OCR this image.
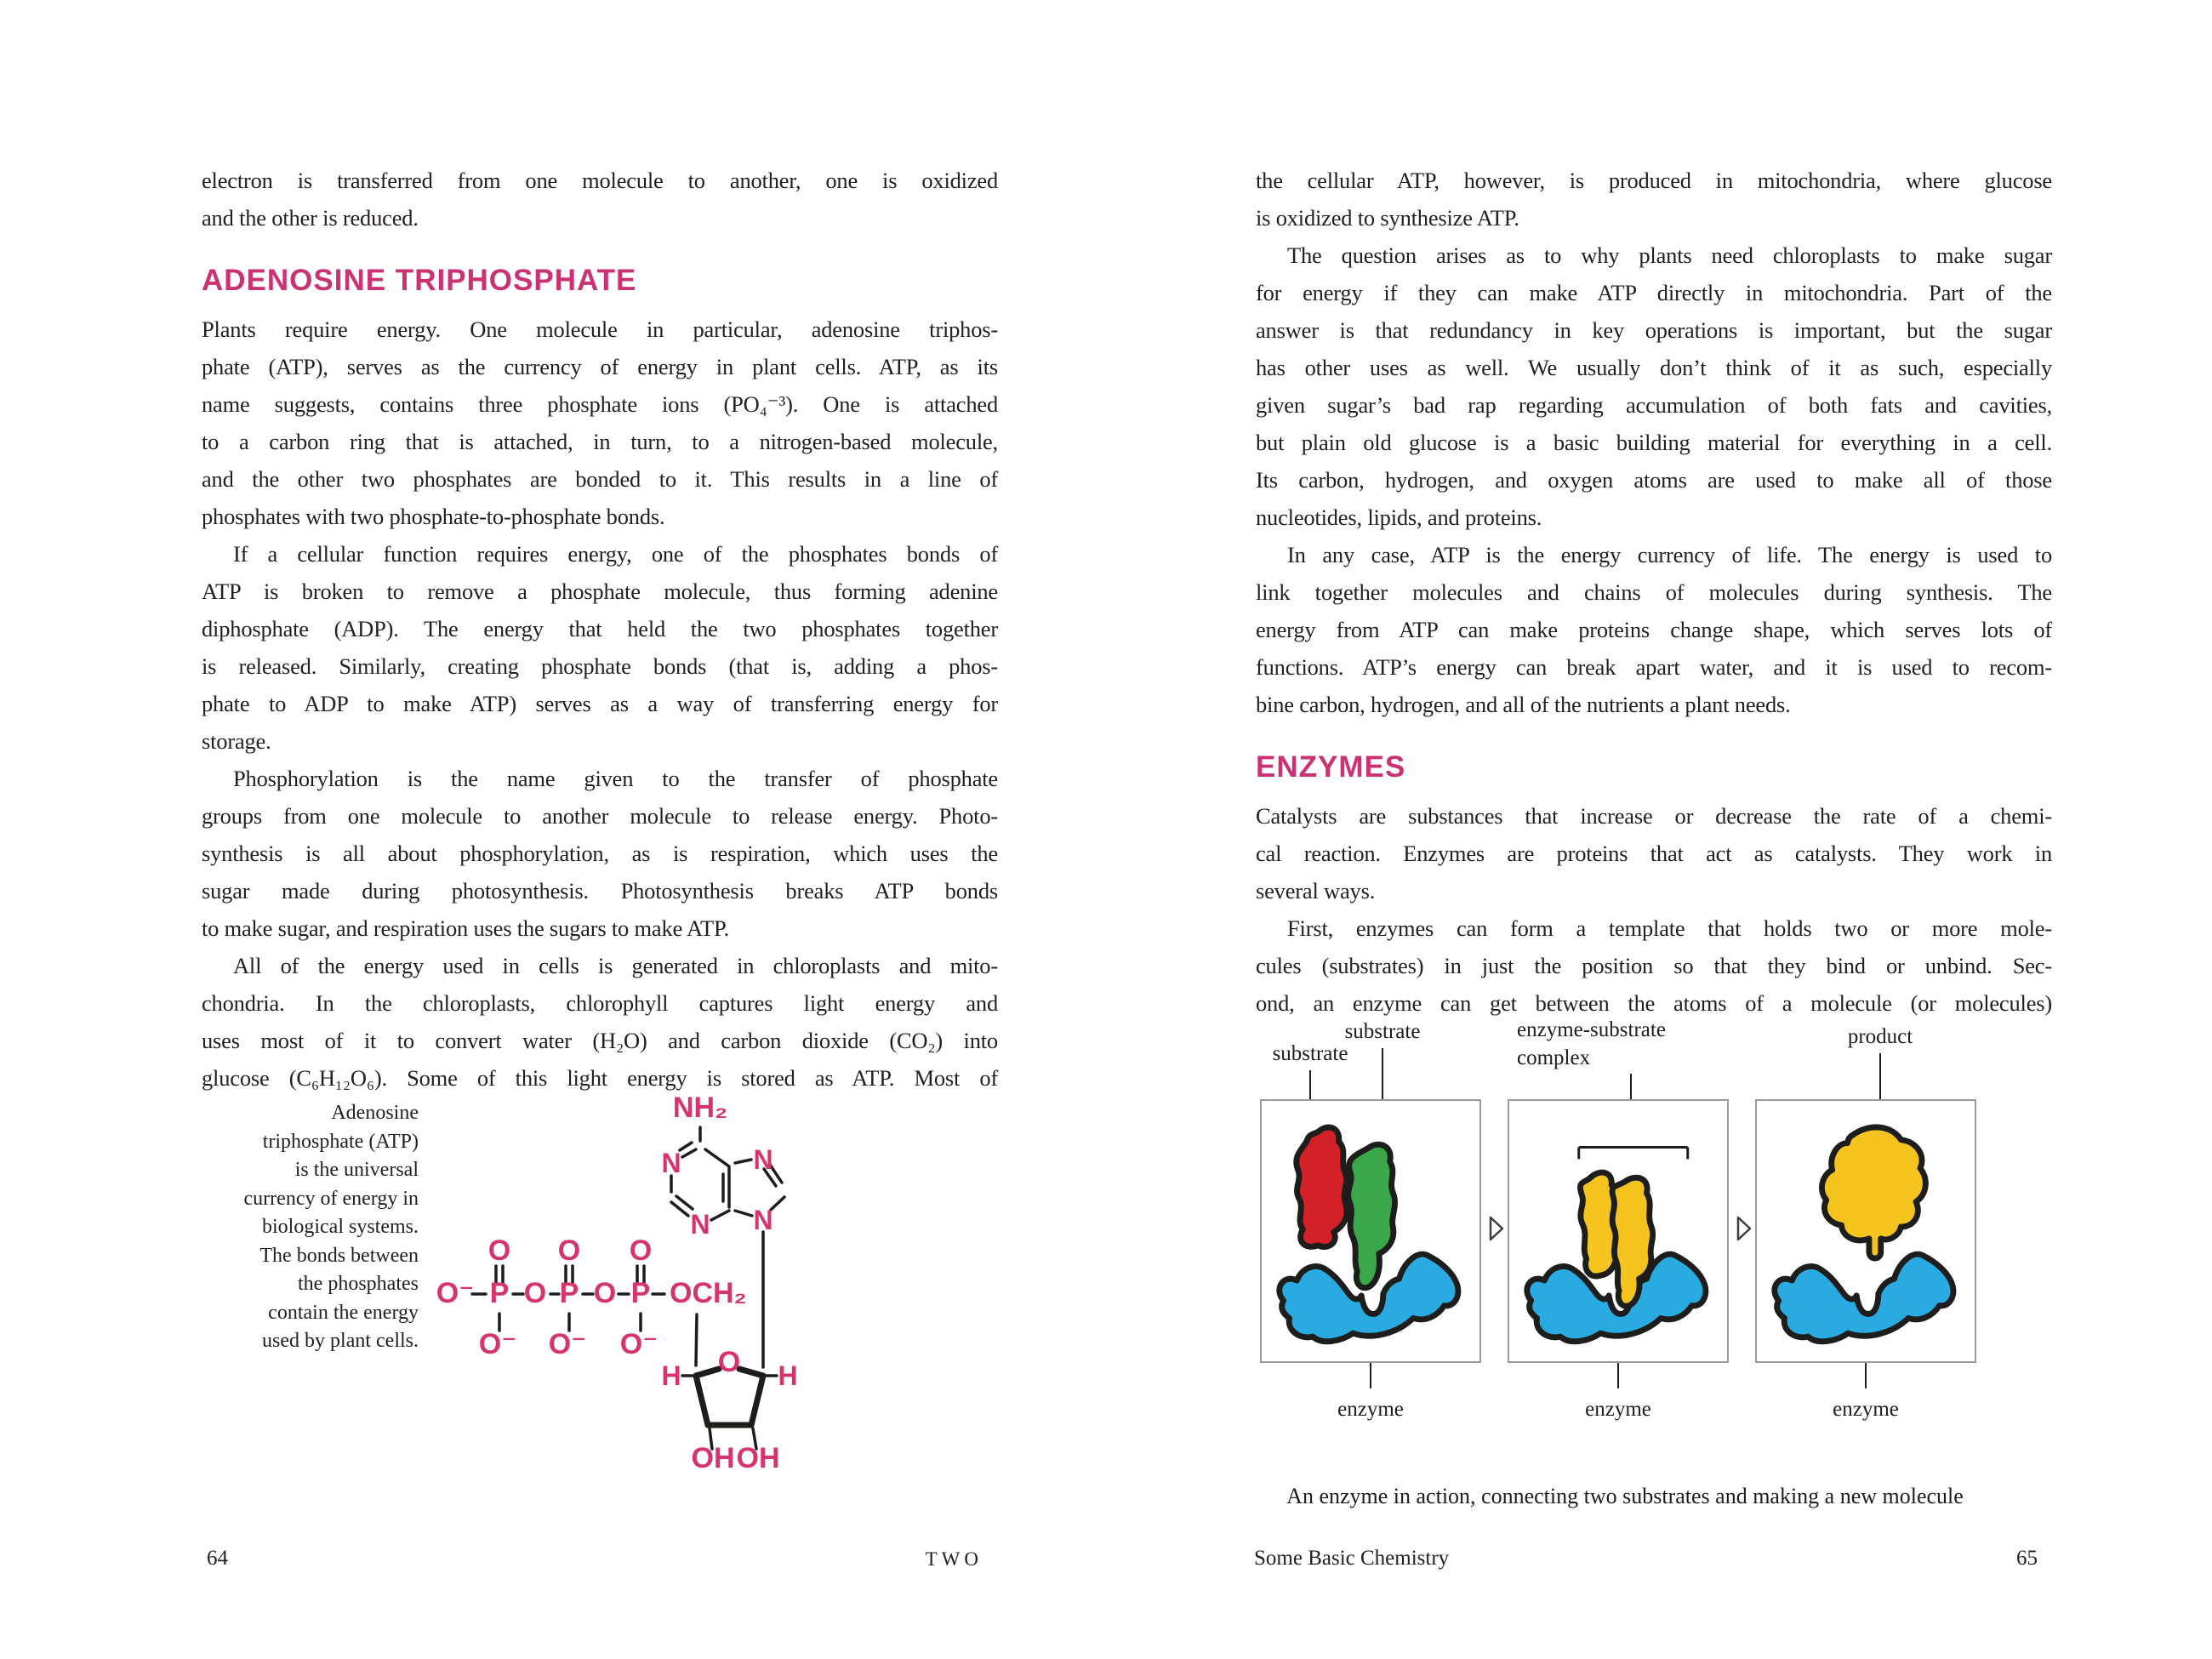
electron is transferred from one molecule to another, one is oxidized
and the other is reduced.
ADENOSINE TRIPHOSPHATE
Plants require energy. One molecule in particular, adenosine triphos-
phate (ATP), serves as the currency of energy in plant cells. ATP, as its
name suggests, contains three phosphate ions (PO₄⁻³). One is attached
to a carbon ring that is attached, in turn, to a nitrogen-based molecule,
and the other two phosphates are bonded to it. This results in a line of
phosphates with two phosphate-to-phosphate bonds.
If a cellular function requires energy, one of the phosphates bonds of
ATP is broken to remove a phosphate molecule, thus forming adenine
diphosphate (ADP). The energy that held the two phosphates together
is released. Similarly, creating phosphate bonds (that is, adding a phos-
phate to ADP to make ATP) serves as a way of transferring energy for
storage.
Phosphorylation is the name given to the transfer of phosphate
groups from one molecule to another molecule to release energy. Photo-
synthesis is all about phosphorylation, as is respiration, which uses the
sugar made during photosynthesis. Photosynthesis breaks ATP bonds
to make sugar, and respiration uses the sugars to make ATP.
All of the energy used in cells is generated in chloroplasts and mito-
chondria. In the chloroplasts, chlorophyll captures light energy and
uses most of it to convert water (H₂O) and carbon dioxide (CO₂) into
glucose (C₆H₁₂O₆). Some of this light energy is stored as ATP. Most of
Adenosine
triphosphate (ATP)
is the universal
currency of energy in
biological systems.
The bonds between
the phosphates
contain the energy
used by plant cells.
NH₂
N
N
N
N
O⁻ P O P O P OCH₂
O O O
O⁻ O⁻ O⁻
O
H	H
OH OH
64	TWO
the cellular ATP, however, is produced in mitochondria, where glucose
is oxidized to synthesize ATP.
The question arises as to why plants need chloroplasts to make sugar
for energy if they can make ATP directly in mitochondria. Part of the
answer is that redundancy in key operations is important, but the sugar
has other uses as well. We usually don’t think of it as such, especially
given sugar’s bad rap regarding accumulation of both fats and cavities,
but plain old glucose is a basic building material for everything in a cell.
Its carbon, hydrogen, and oxygen atoms are used to make all of those
nucleotides, lipids, and proteins.
In any case, ATP is the energy currency of life. The energy is used to
link together molecules and chains of molecules during synthesis. The
energy from ATP can make proteins change shape, which serves lots of
functions. ATP’s energy can break apart water, and it is used to recom-
bine carbon, hydrogen, and all of the nutrients a plant needs.
ENZYMES
Catalysts are substances that increase or decrease the rate of a chemi-
cal reaction. Enzymes are proteins that act as catalysts. They work in
several ways.
First, enzymes can form a template that holds two or more mole-
cules (substrates) in just the position so that they bind or unbind. Sec-
ond, an enzyme can get between the atoms of a molecule (or molecules)
substrate
substrate	enzyme-substrate
complex
product
enzyme	enzyme	enzyme
An enzyme in action, connecting two substrates and making a new molecule
Some Basic Chemistry	65
